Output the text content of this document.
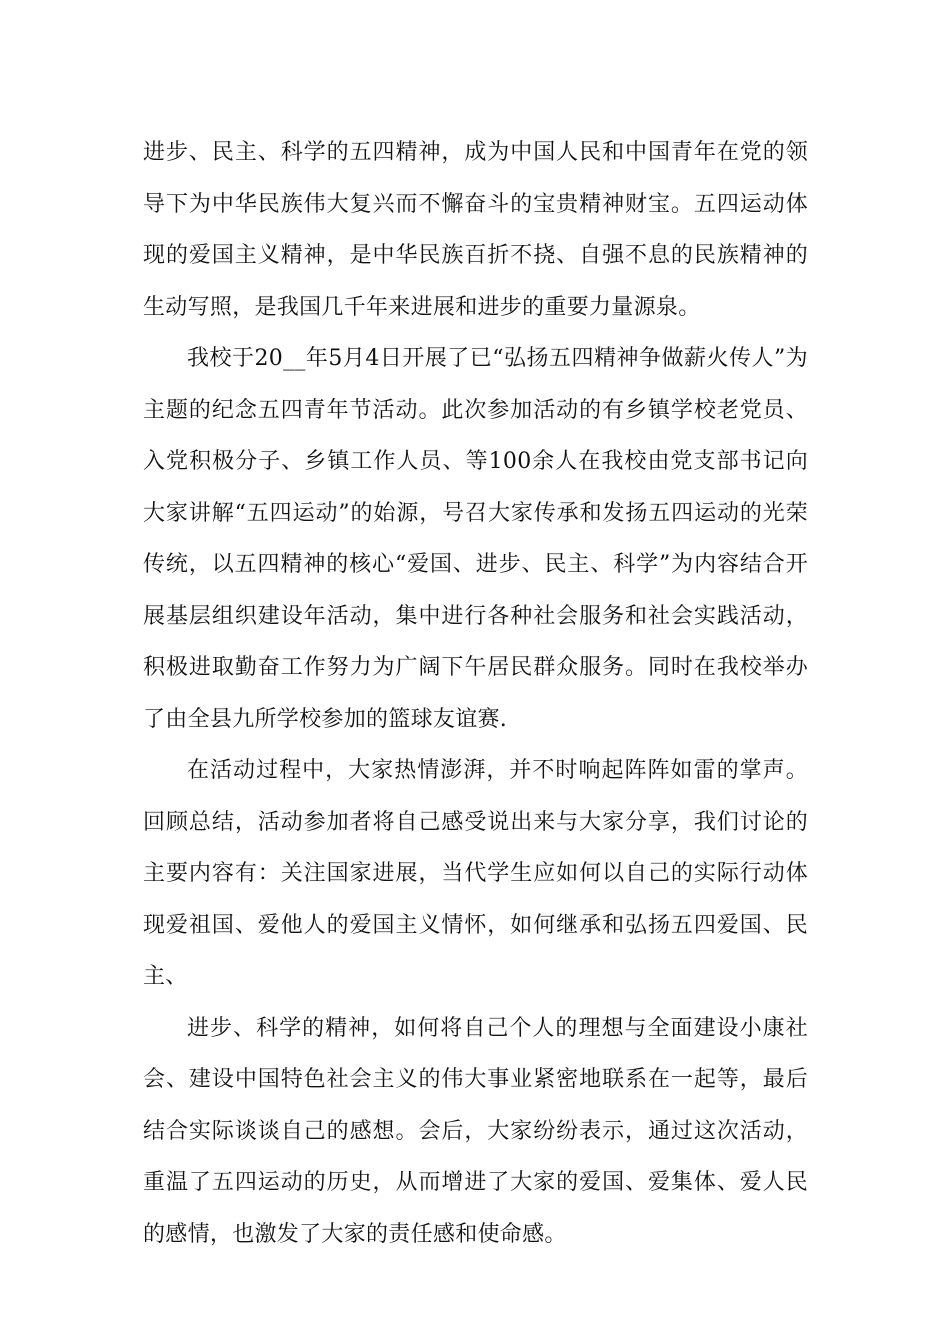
进步、民主、科学的五四精神，成为中国人民和中国青年在党的领导下为中华民族伟大复兴而不懈奋斗的宝贵精神财宝。五四运动体现的爱国主义精神，是中华民族百折不挠、自强不息的民族精神的生动写照，是我国几千年来进展和进步的重要力量源泉。

我校于20__年5月4日开展了已“弘扬五四精神争做薪火传人”为主题的纪念五四青年节活动。此次参加活动的有乡镇学校老党员、入党积极分子、乡镇工作人员、等100余人在我校由党支部书记向大家讲解“五四运动”的始源，号召大家传承和发扬五四运动的光荣传统，以五四精神的核心“爱国、进步、民主、科学”为内容结合开展基层组织建设年活动，集中进行各种社会服务和社会实践活动，积极进取勤奋工作努力为广阔下午居民群众服务。同时在我校举办了由全县九所学校参加的篮球友谊赛.

在活动过程中，大家热情澎湃，并不时响起阵阵如雷的掌声。回顾总结，活动参加者将自己感受说出来与大家分享，我们讨论的主要内容有：关注国家进展，当代学生应如何以自己的实际行动体现爱祖国、爱他人的爱国主义情怀，如何继承和弘扬五四爱国、民主、

进步、科学的精神，如何将自己个人的理想与全面建设小康社会、建设中国特色社会主义的伟大事业紧密地联系在一起等，最后结合实际谈谈自己的感想。会后，大家纷纷表示，通过这次活动，重温了五四运动的历史，从而增进了大家的爱国、爱集体、爱人民的感情，也激发了大家的责任感和使命感。
